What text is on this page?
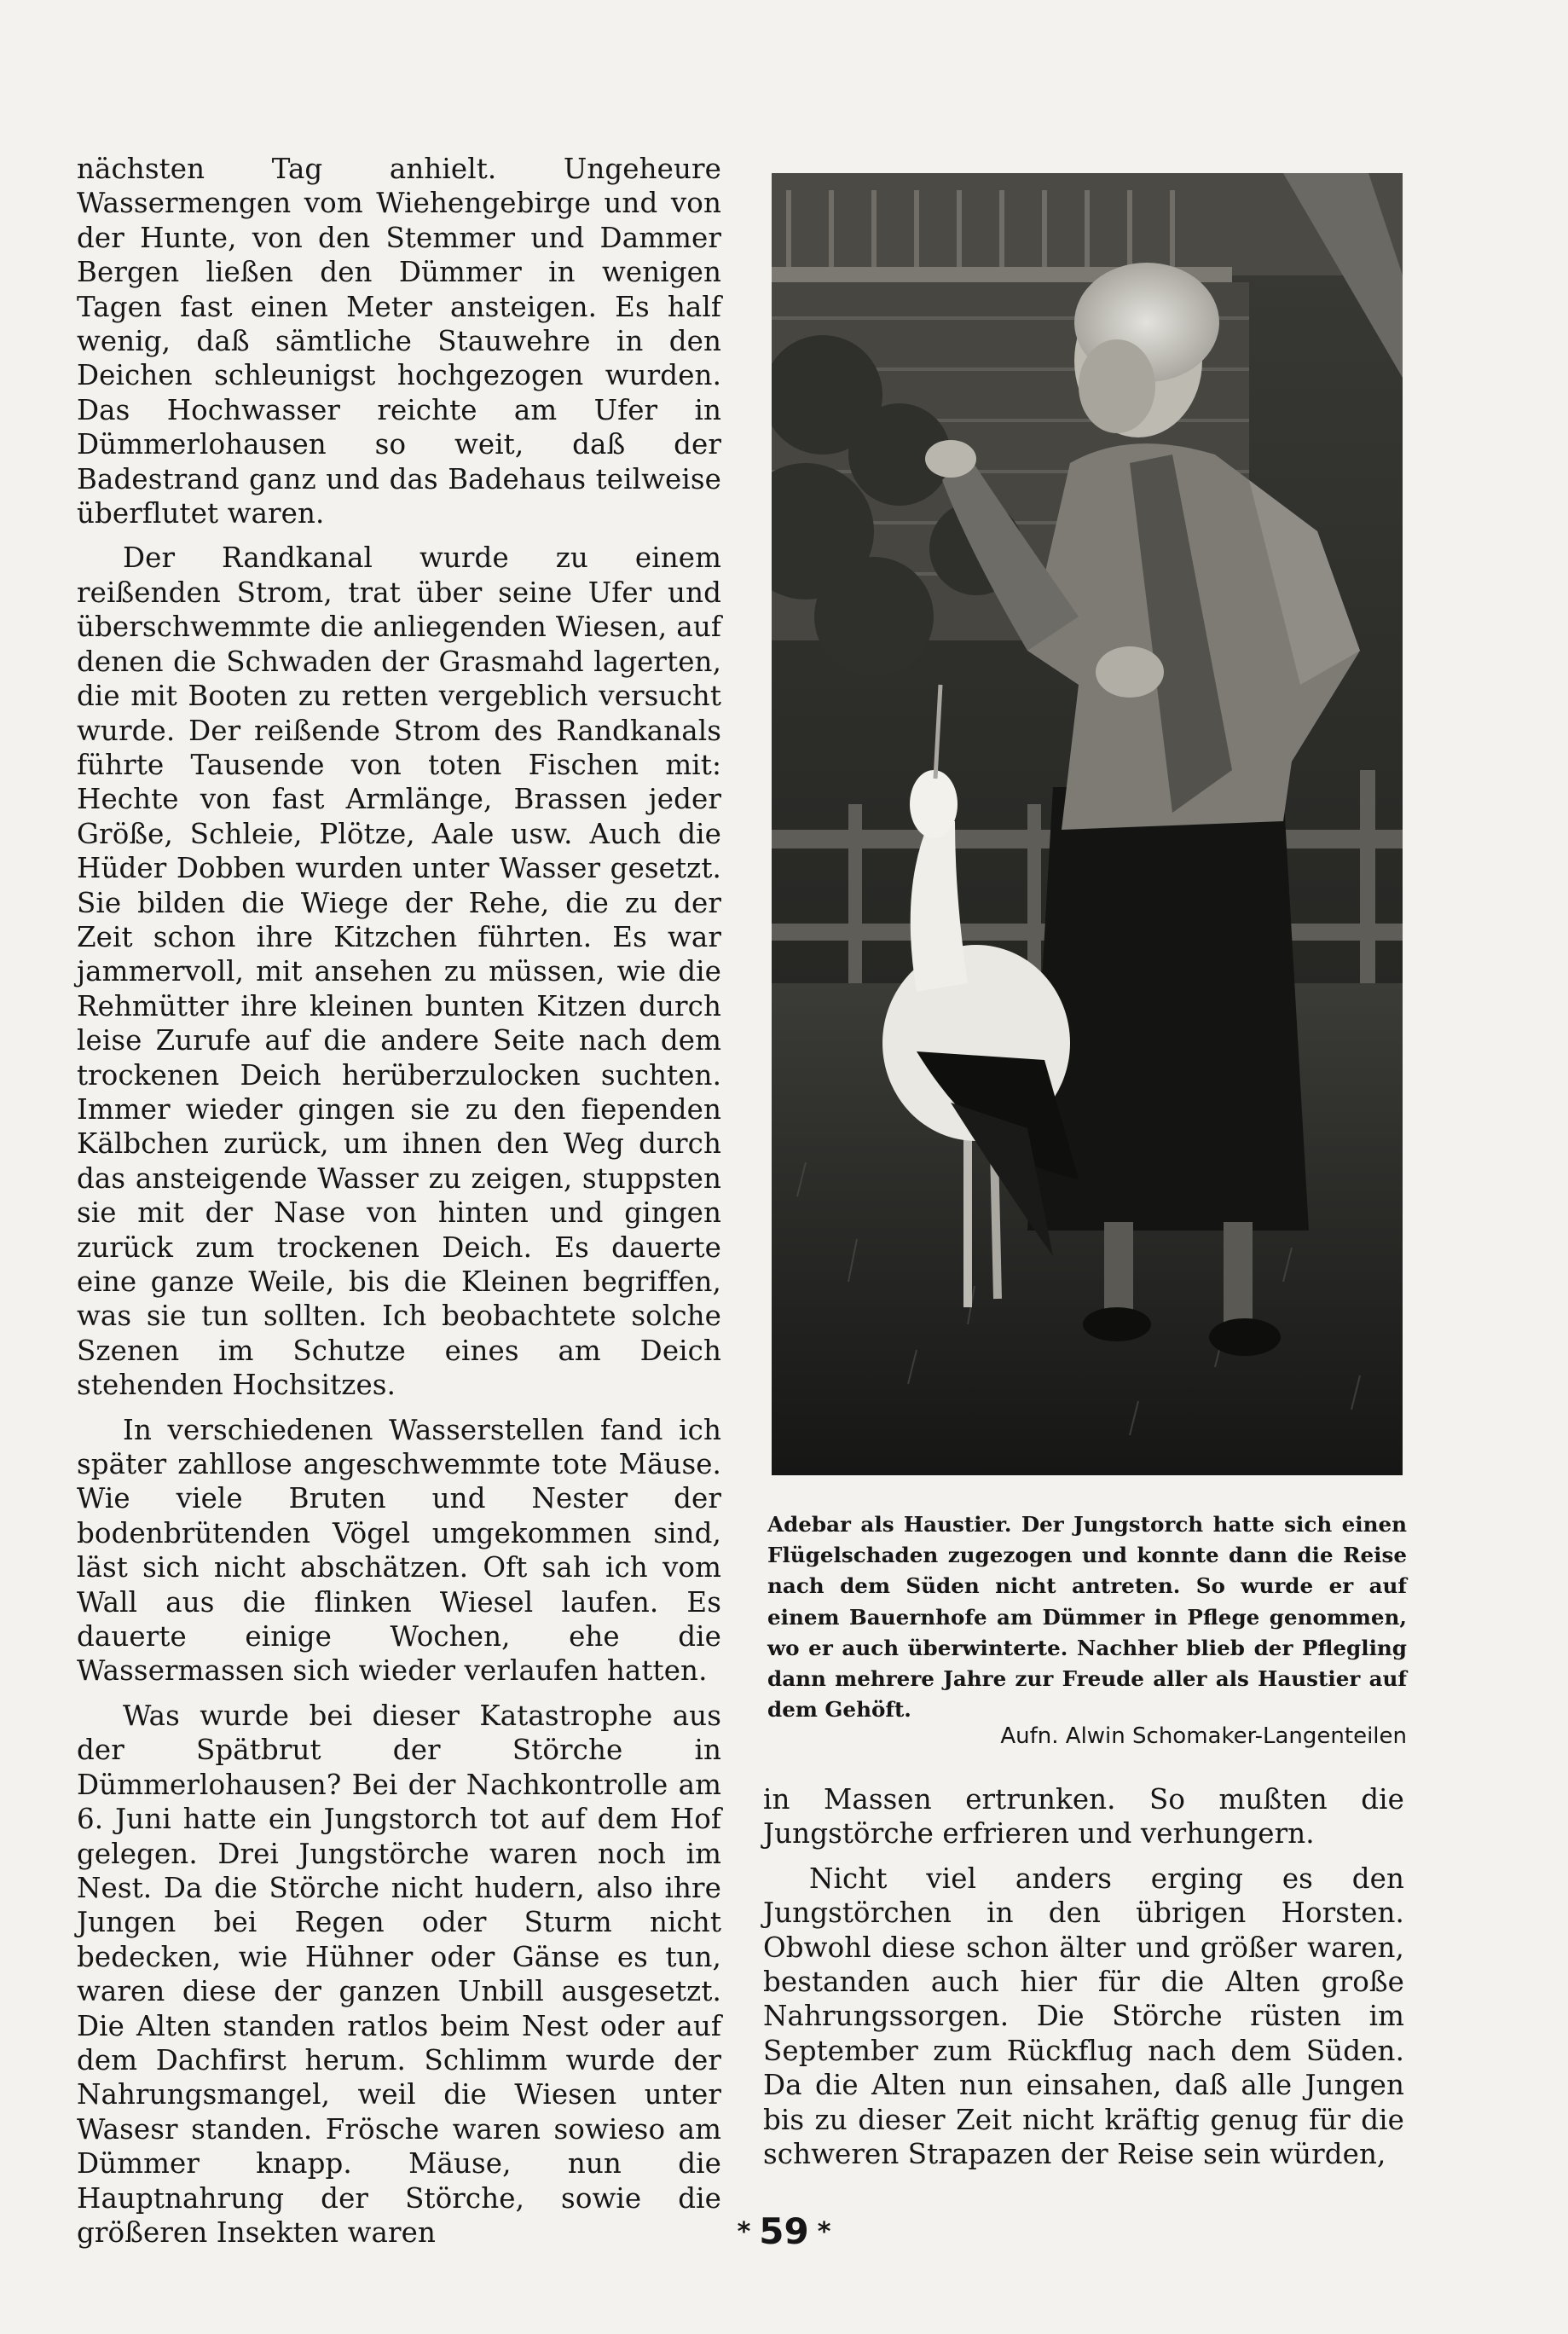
nächsten Tag anhielt. Ungeheure Wassermengen vom Wiehengebirge und von der Hunte, von den Stemmer und Dammer Bergen ließen den Dümmer in wenigen Tagen fast einen Meter ansteigen. Es half wenig, daß sämtliche Stauwehre in den Deichen schleunigst hochgezogen wurden. Das Hochwasser reichte am Ufer in Dümmerlohausen so weit, daß der Badestrand ganz und das Badehaus teilweise überflutet waren.

Der Randkanal wurde zu einem reißenden Strom, trat über seine Ufer und überschwemmte die anliegenden Wiesen, auf denen die Schwaden der Grasmahd lagerten, die mit Booten zu retten vergeblich versucht wurde. Der reißende Strom des Randkanals führte Tausende von toten Fischen mit: Hechte von fast Armlänge, Brassen jeder Größe, Schleie, Plötze, Aale usw. Auch die Hüder Dobben wurden unter Wasser gesetzt. Sie bilden die Wiege der Rehe, die zu der Zeit schon ihre Kitzchen führten. Es war jammervoll, mit ansehen zu müssen, wie die Rehmütter ihre kleinen bunten Kitzen durch leise Zurufe auf die andere Seite nach dem trockenen Deich herüberzulocken suchten. Immer wieder gingen sie zu den fiependen Kälbchen zurück, um ihnen den Weg durch das ansteigende Wasser zu zeigen, stuppsten sie mit der Nase von hinten und gingen zurück zum trockenen Deich. Es dauerte eine ganze Weile, bis die Kleinen begriffen, was sie tun sollten. Ich beobachtete solche Szenen im Schutze eines am Deich stehenden Hochsitzes.

In verschiedenen Wasserstellen fand ich später zahllose angeschwemmte tote Mäuse. Wie viele Bruten und Nester der bodenbrütenden Vögel umgekommen sind, läst sich nicht abschätzen. Oft sah ich vom Wall aus die flinken Wiesel laufen. Es dauerte einige Wochen, ehe die Wassermassen sich wieder verlaufen hatten.

Was wurde bei dieser Katastrophe aus der Spätbrut der Störche in Dümmerlohausen? Bei der Nachkontrolle am 6. Juni hatte ein Jungstorch tot auf dem Hof gelegen. Drei Jungstörche waren noch im Nest. Da die Störche nicht hudern, also ihre Jungen bei Regen oder Sturm nicht bedecken, wie Hühner oder Gänse es tun, waren diese der ganzen Unbill ausgesetzt. Die Alten standen ratlos beim Nest oder auf dem Dachfirst herum. Schlimm wurde der Nahrungsmangel, weil die Wiesen unter Wasesr standen. Frösche waren sowieso am Dümmer knapp. Mäuse, nun die Hauptnahrung der Störche, sowie die größeren Insekten waren

Adebar als Haustier. Der Jungstorch hatte sich einen Flügelschaden zugezogen und konnte dann die Reise nach dem Süden nicht antreten. So wurde er auf einem Bauernhofe am Dümmer in Pflege genommen, wo er auch überwinterte. Nachher blieb der Pflegling dann mehrere Jahre zur Freude aller als Haustier auf dem Gehöft.
Aufn. Alwin Schomaker-Langenteilen

in Massen ertrunken. So mußten die Jungstörche erfrieren und verhungern.

Nicht viel anders erging es den Jungstörchen in den übrigen Horsten. Obwohl diese schon älter und größer waren, bestanden auch hier für die Alten große Nahrungssorgen. Die Störche rüsten im September zum Rückflug nach dem Süden. Da die Alten nun einsahen, daß alle Jungen bis zu dieser Zeit nicht kräftig genug für die schweren Strapazen der Reise sein würden,

* 59 *
